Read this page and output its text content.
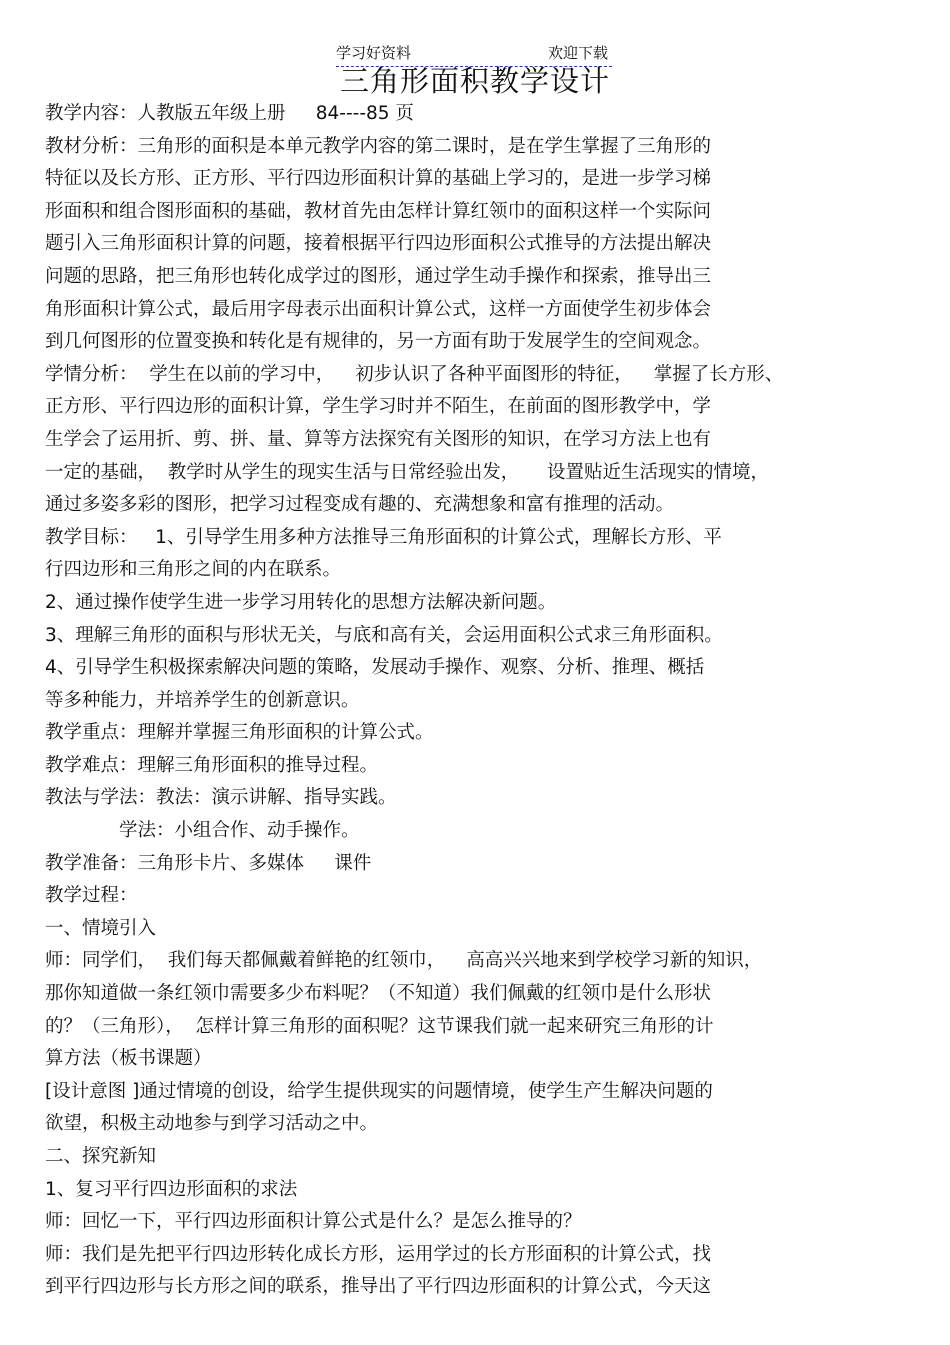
学习好资料	欢迎下载
三角形面积教学设计
教学内容：人教版五年级上册　  84----85 页
教材分析：三角形的面积是本单元教学内容的第二课时，是在学生掌握了三角形的
特征以及长方形、正方形、平行四边形面积计算的基础上学习的，是进一步学习梯
形面积和组合图形面积的基础，教材首先由怎样计算红领巾的面积这样一个实际问
题引入三角形面积计算的问题，接着根据平行四边形面积公式推导的方法提出解决
问题的思路，把三角形也转化成学过的图形，通过学生动手操作和探索，推导出三
角形面积计算公式，最后用字母表示出面积计算公式，这样一方面使学生初步体会
到几何图形的位置变换和转化是有规律的，另一方面有助于发展学生的空间观念。
学情分析：  学生在以前的学习中，　  初步认识了各种平面图形的特征，　  掌握了长方形、
正方形、平行四边形的面积计算，学生学习时并不陌生，在前面的图形教学中，学
生学会了运用折、剪、拼、量、算等方法探究有关图形的知识，在学习方法上也有
一定的基础，  教学时从学生的现实生活与日常经验出发，　　设置贴近生活现实的情境，
通过多姿多彩的图形，把学习过程变成有趣的、充满想象和富有推理的活动。
教学目标：   1、引导学生用多种方法推导三角形面积的计算公式，理解长方形、平
行四边形和三角形之间的内在联系。
2、通过操作使学生进一步学习用转化的思想方法解决新问题。
3、理解三角形的面积与形状无关，与底和高有关，会运用面积公式求三角形面积。
4、引导学生积极探索解决问题的策略，发展动手操作、观察、分析、推理、概括
等多种能力，并培养学生的创新意识。
教学重点：理解并掌握三角形面积的计算公式。
教学难点：理解三角形面积的推导过程。
教法与学法：教法：演示讲解、指导实践。
　　　　学法：小组合作、动手操作。
教学准备：三角形卡片、多媒体　  课件
教学过程：
一、情境引入
师：同学们，  我们每天都佩戴着鲜艳的红领巾，　  高高兴兴地来到学校学习新的知识，
那你知道做一条红领巾需要多少布料呢？（不知道）我们佩戴的红领巾是什么形状
的？（三角形），  怎样计算三角形的面积呢？这节课我们就一起来研究三角形的计
算方法（板书课题）
[设计意图 ]通过情境的创设，给学生提供现实的问题情境，使学生产生解决问题的
欲望，积极主动地参与到学习活动之中。
二、探究新知
1、复习平行四边形面积的求法
师：回忆一下，平行四边形面积计算公式是什么？是怎么推导的？
师：我们是先把平行四边形转化成长方形，运用学过的长方形面积的计算公式，找
到平行四边形与长方形之间的联系，推导出了平行四边形面积的计算公式，今天这
